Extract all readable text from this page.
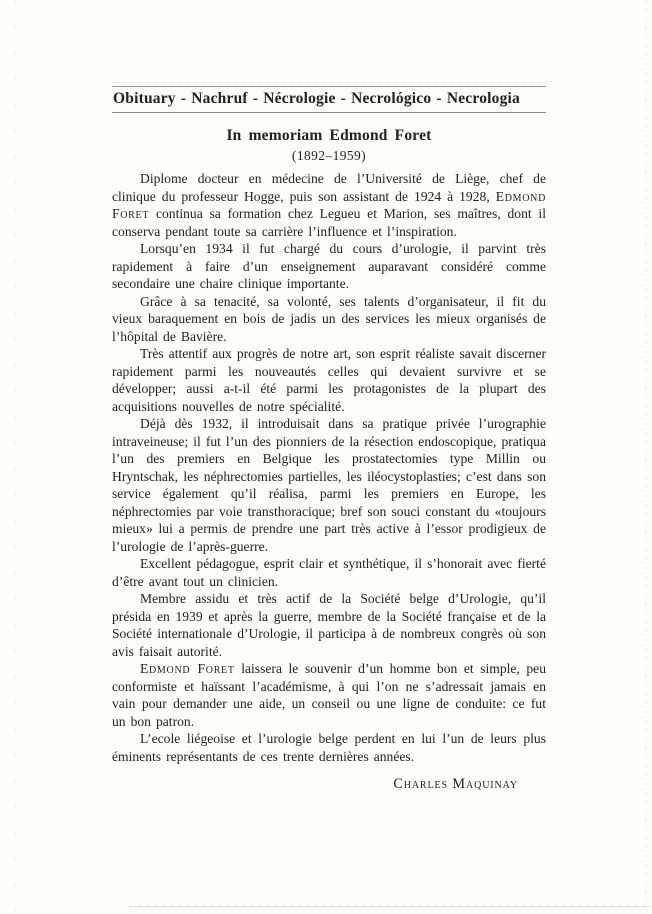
Obituary - Nachruf - Nécrologie - Necrológico - Necrologia
In memoriam Edmond Foret
(1892–1959)

Diplome docteur en médecine de l’Université de Liège, chef de clinique du professeur Hogge, puis son assistant de 1924 à 1928, Edmond Foret continua sa formation chez Legueu et Marion, ses maîtres, dont il conserva pendant toute sa carrière l’influence et l’inspiration.

Lorsqu’en 1934 il fut chargé du cours d’urologie, il parvint très rapidement à faire d’un enseignement auparavant considéré comme secondaire une chaire clinique importante.

Grâce à sa tenacité, sa volonté, ses talents d’organisateur, il fit du vieux baraquement en bois de jadis un des services les mieux organisés de l’hôpital de Bavière.

Très attentif aux progrès de notre art, son esprit réaliste savait discerner rapidement parmi les nouveautés celles qui devaient survivre et se développer; aussi a-t-il été parmi les protagonistes de la plupart des acquisitions nouvelles de notre spécialité.

Déjà dès 1932, il introduisait dans sa pratique privée l’urographie intraveineuse; il fut l’un des pionniers de la résection endoscopique, pratiqua l’un des premiers en Belgique les prostatectomies type Millin ou Hryntschak, les néphrectomies partielles, les iléocystoplasties; c’est dans son service également qu’il réalisa, parmi les premiers en Europe, les néphrectomies par voie transthoracique; bref son souci constant du «toujours mieux» lui a permis de prendre une part très active à l’essor prodigieux de l’urologie de l’après-guerre.

Excellent pédagogue, esprit clair et synthétique, il s’honorait avec fierté d’être avant tout un clinicien.

Membre assidu et très actif de la Société belge d’Urologie, qu’il présida en 1939 et après la guerre, membre de la Société française et de la Société internationale d’Urologie, il participa à de nombreux congrès où son avis faisait autorité.

Edmond Foret laissera le souvenir d’un homme bon et simple, peu conformiste et haïssant l’académisme, à qui l’on ne s’adressait jamais en vain pour demander une aide, un conseil ou une ligne de conduite: ce fut un bon patron.

L’ecole liégeoise et l’urologie belge perdent en lui l’un de leurs plus éminents représentants de ces trente dernières années.

Charles Maquinay
